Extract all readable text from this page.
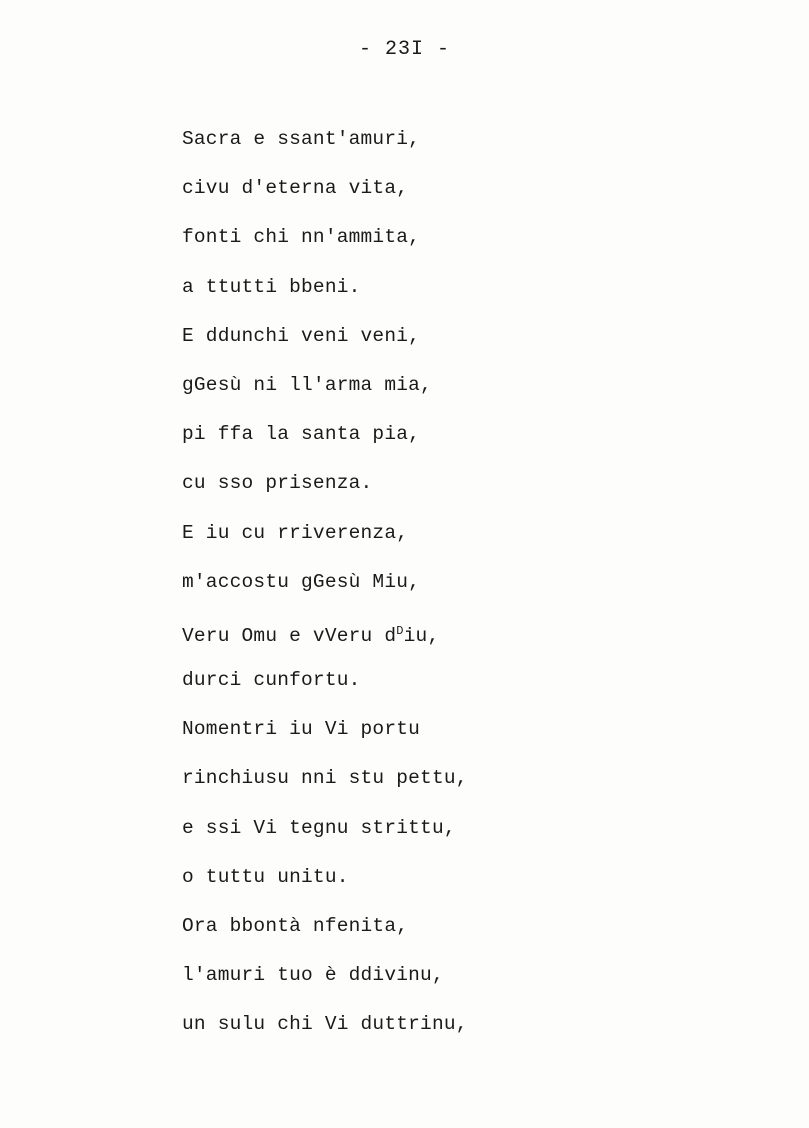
- 23I -
Sacra e ssant'amuri,
civu d'eterna vita,
fonti chi nn'ammita,
a ttutti bbeni.
E ddunchi veni veni,
gGesù ni ll'arma mia,
pi ffa la santa pia,
cu sso prisenza.
E iu cu rriverenza,
m'accostu gGesù Miu,
Veru Omu e vVeru $d^Diu$,
durci cunfortu.
Nomentri iu Vi portu
rinchiusu nni stu pettu,
e ssi Vi tegnu strittu,
o tuttu unitu.
Ora bbontà nfenita,
l'amuri tuo è ddivinu,
un sulu chi Vi duttrinu,
